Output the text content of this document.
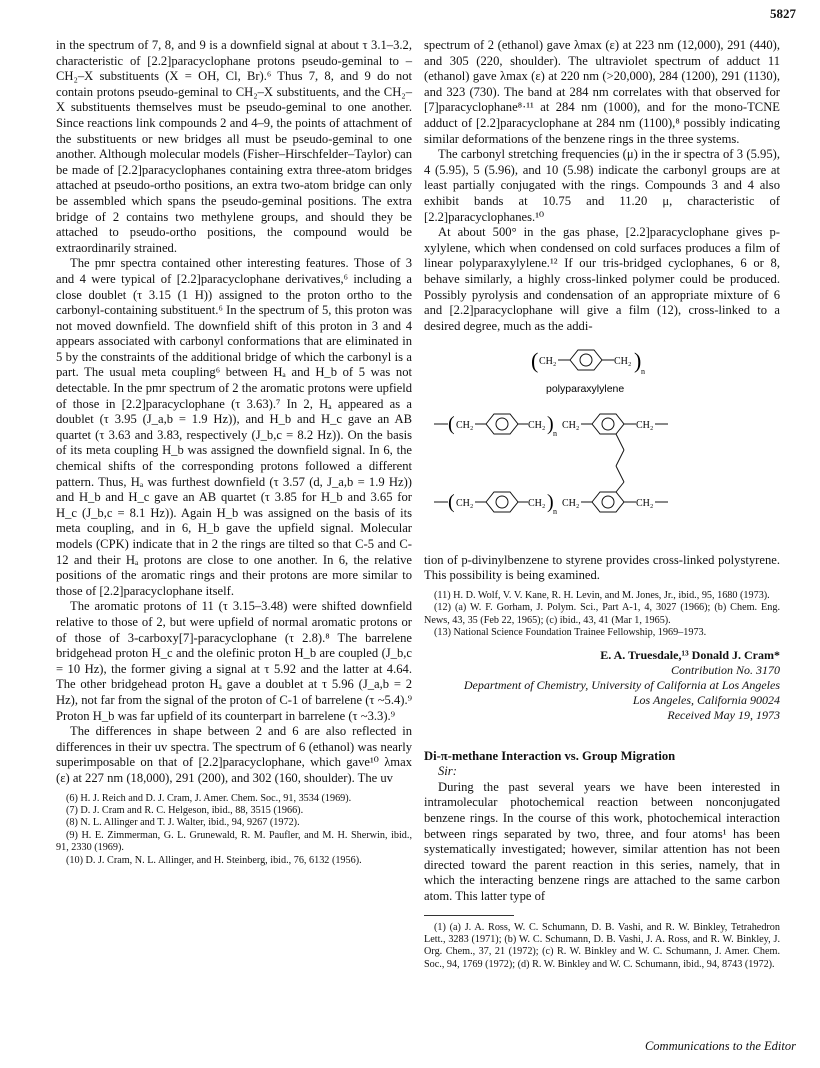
5827

in the spectrum of 7, 8, and 9 is a downfield signal at about τ 3.1–3.2, characteristic of [2.2]paracyclophane protons pseudo-geminal to –CH₂–X substituents (X = OH, Cl, Br).⁶ Thus 7, 8, and 9 do not contain protons pseudo-geminal to CH₂–X substituents, and the CH₂–X substituents themselves must be pseudo-geminal to one another. Since reactions link compounds 2 and 4–9, the points of attachment of the substituents or new bridges all must be pseudo-geminal to one another. Although molecular models (Fisher–Hirschfelder–Taylor) can be made of [2.2]paracyclophanes containing extra three-atom bridges attached at pseudo-ortho positions, an extra two-atom bridge can only be assembled which spans the pseudo-geminal positions. The extra bridge of 2 contains two methylene groups, and should they be attached to pseudo-ortho positions, the compound would be extraordinarily strained.

The pmr spectra contained other interesting features. Those of 3 and 4 were typical of [2.2]paracyclophane derivatives,⁶ including a close doublet (τ 3.15 (1 H)) assigned to the proton ortho to the carbonyl-containing substituent.⁶ In the spectrum of 5, this proton was not moved downfield. The downfield shift of this proton in 3 and 4 appears associated with carbonyl conformations that are eliminated in 5 by the constraints of the additional bridge of which the carbonyl is a part. The usual meta coupling⁶ between Hₐ and H_b of 5 was not detectable. In the pmr spectrum of 2 the aromatic protons were upfield of those in [2.2]paracyclophane (τ 3.63).⁷ In 2, Hₐ appeared as a doublet (τ 3.95 (J_a,b = 1.9 Hz)), and H_b and H_c gave an AB quartet (τ 3.63 and 3.83, respectively (J_b,c = 8.2 Hz)). On the basis of its meta coupling H_b was assigned the downfield signal. In 6, the chemical shifts of the corresponding protons followed a different pattern. Thus, Hₐ was furthest downfield (τ 3.57 (d, J_a,b = 1.9 Hz)) and H_b and H_c gave an AB quartet (τ 3.85 for H_b and 3.65 for H_c (J_b,c = 8.1 Hz)). Again H_b was assigned on the basis of its meta coupling, and in 6, H_b gave the upfield signal. Molecular models (CPK) indicate that in 2 the rings are tilted so that C-5 and C-12 and their Hₐ protons are close to one another. In 6, the relative positions of the aromatic rings and their protons are more similar to those of [2.2]paracyclophane itself.

The aromatic protons of 11 (τ 3.15–3.48) were shifted downfield relative to those of 2, but were upfield of normal aromatic protons or of those of 3-carboxy[7]-paracyclophane (τ 2.8).⁸ The barrelene bridgehead proton H_c and the olefinic proton H_b are coupled (J_b,c = 10 Hz), the former giving a signal at τ 5.92 and the latter at 4.64. The other bridgehead proton Hₐ gave a doublet at τ 5.96 (J_a,b = 2 Hz), not far from the signal of the proton of C-1 of barrelene (τ ~5.4).⁹ Proton H_b was far upfield of its counterpart in barrelene (τ ~3.3).⁹

The differences in shape between 2 and 6 are also reflected in differences in their uv spectra. The spectrum of 6 (ethanol) was nearly superimposable on that of [2.2]paracyclophane, which gave¹⁰ λmax (ε) at 227 nm (18,000), 291 (200), and 302 (160, shoulder). The uv

(6) H. J. Reich and D. J. Cram, J. Amer. Chem. Soc., 91, 3534 (1969).
(7) D. J. Cram and R. C. Helgeson, ibid., 88, 3515 (1966).
(8) N. L. Allinger and T. J. Walter, ibid., 94, 9267 (1972).
(9) H. E. Zimmerman, G. L. Grunewald, R. M. Paufler, and M. H. Sherwin, ibid., 91, 2330 (1969).
(10) D. J. Cram, N. L. Allinger, and H. Steinberg, ibid., 76, 6132 (1956).

spectrum of 2 (ethanol) gave λmax (ε) at 223 nm (12,000), 291 (440), and 305 (220, shoulder). The ultraviolet spectrum of adduct 11 (ethanol) gave λmax (ε) at 220 nm (>20,000), 284 (1200), 291 (1130), and 323 (730). The band at 284 nm correlates with that observed for [7]paracyclophane⁸·¹¹ at 284 nm (1000), and for the mono-TCNE adduct of [2.2]paracyclophane at 284 nm (1100),⁸ possibly indicating similar deformations of the benzene rings in the three systems.

The carbonyl stretching frequencies (μ) in the ir spectra of 3 (5.95), 4 (5.95), 5 (5.96), and 10 (5.98) indicate the carbonyl groups are at least partially conjugated with the rings. Compounds 3 and 4 also exhibit bands at 10.75 and 11.20 μ, characteristic of [2.2]paracyclophanes.¹⁰

At about 500° in the gas phase, [2.2]paracyclophane gives p-xylylene, which when condensed on cold surfaces produces a film of linear polyparaxylylene.¹² If our tris-bridged cyclophanes, 6 or 8, behave similarly, a highly cross-linked polymer could be produced. Possibly pyrolysis and condensation of an appropriate mixture of 6 and [2.2]paracyclophane will give a film (12), cross-linked to a desired degree, much as the addi-

( CH₂	CH₂ ) n
polyparaxylylene
( CH₂	CH₂ ) n
CH₂	CH₂
( CH₂	CH₂ ) n
CH₂	CH₂

tion of p-divinylbenzene to styrene provides cross-linked polystyrene. This possibility is being examined.

(11) H. D. Wolf, V. V. Kane, R. H. Levin, and M. Jones, Jr., ibid., 95, 1680 (1973).
(12) (a) W. F. Gorham, J. Polym. Sci., Part A-1, 4, 3027 (1966); (b) Chem. Eng. News, 43, 35 (Feb 22, 1965); (c) ibid., 43, 41 (Mar 1, 1965).
(13) National Science Foundation Trainee Fellowship, 1969–1973.
E. A. Truesdale,¹³ Donald J. Cram*
Contribution No. 3170
Department of Chemistry, University of California at Los Angeles
Los Angeles, California 90024
Received May 19, 1973
Di-π-methane Interaction vs. Group Migration

Sir:

During the past several years we have been interested in intramolecular photochemical reaction between nonconjugated benzene rings. In the course of this work, photochemical interaction between rings separated by two, three, and four atoms¹ has been systematically investigated; however, similar attention has not been directed toward the parent reaction in this series, namely, that in which the interacting benzene rings are attached to the same carbon atom. This latter type of

(1) (a) J. A. Ross, W. C. Schumann, D. B. Vashi, and R. W. Binkley, Tetrahedron Lett., 3283 (1971); (b) W. C. Schumann, D. B. Vashi, J. A. Ross, and R. W. Binkley, J. Org. Chem., 37, 21 (1972); (c) R. W. Binkley and W. C. Schumann, J. Amer. Chem. Soc., 94, 1769 (1972); (d) R. W. Binkley and W. C. Schumann, ibid., 94, 8743 (1972).
Communications to the Editor
